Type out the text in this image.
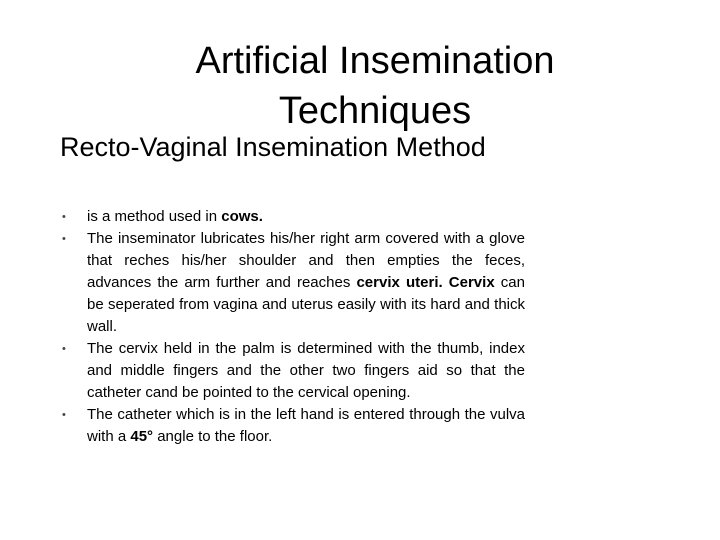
Artificial Insemination
Techniques
Recto-Vaginal Insemination Method
• is a method used in cows.
• The inseminator lubricates his/her right arm covered with a glove that reches his/her shoulder and then empties the feces, advances the arm further and reaches cervix uteri. Cervix can be seperated from vagina and uterus easily with its hard and thick wall.
• The cervix held in the palm is determined with the thumb, index and middle fingers and the other two fingers aid so that the catheter cand be pointed to the cervical opening.
• The catheter which is in the left hand is entered through the vulva with a 45° angle to the floor.
